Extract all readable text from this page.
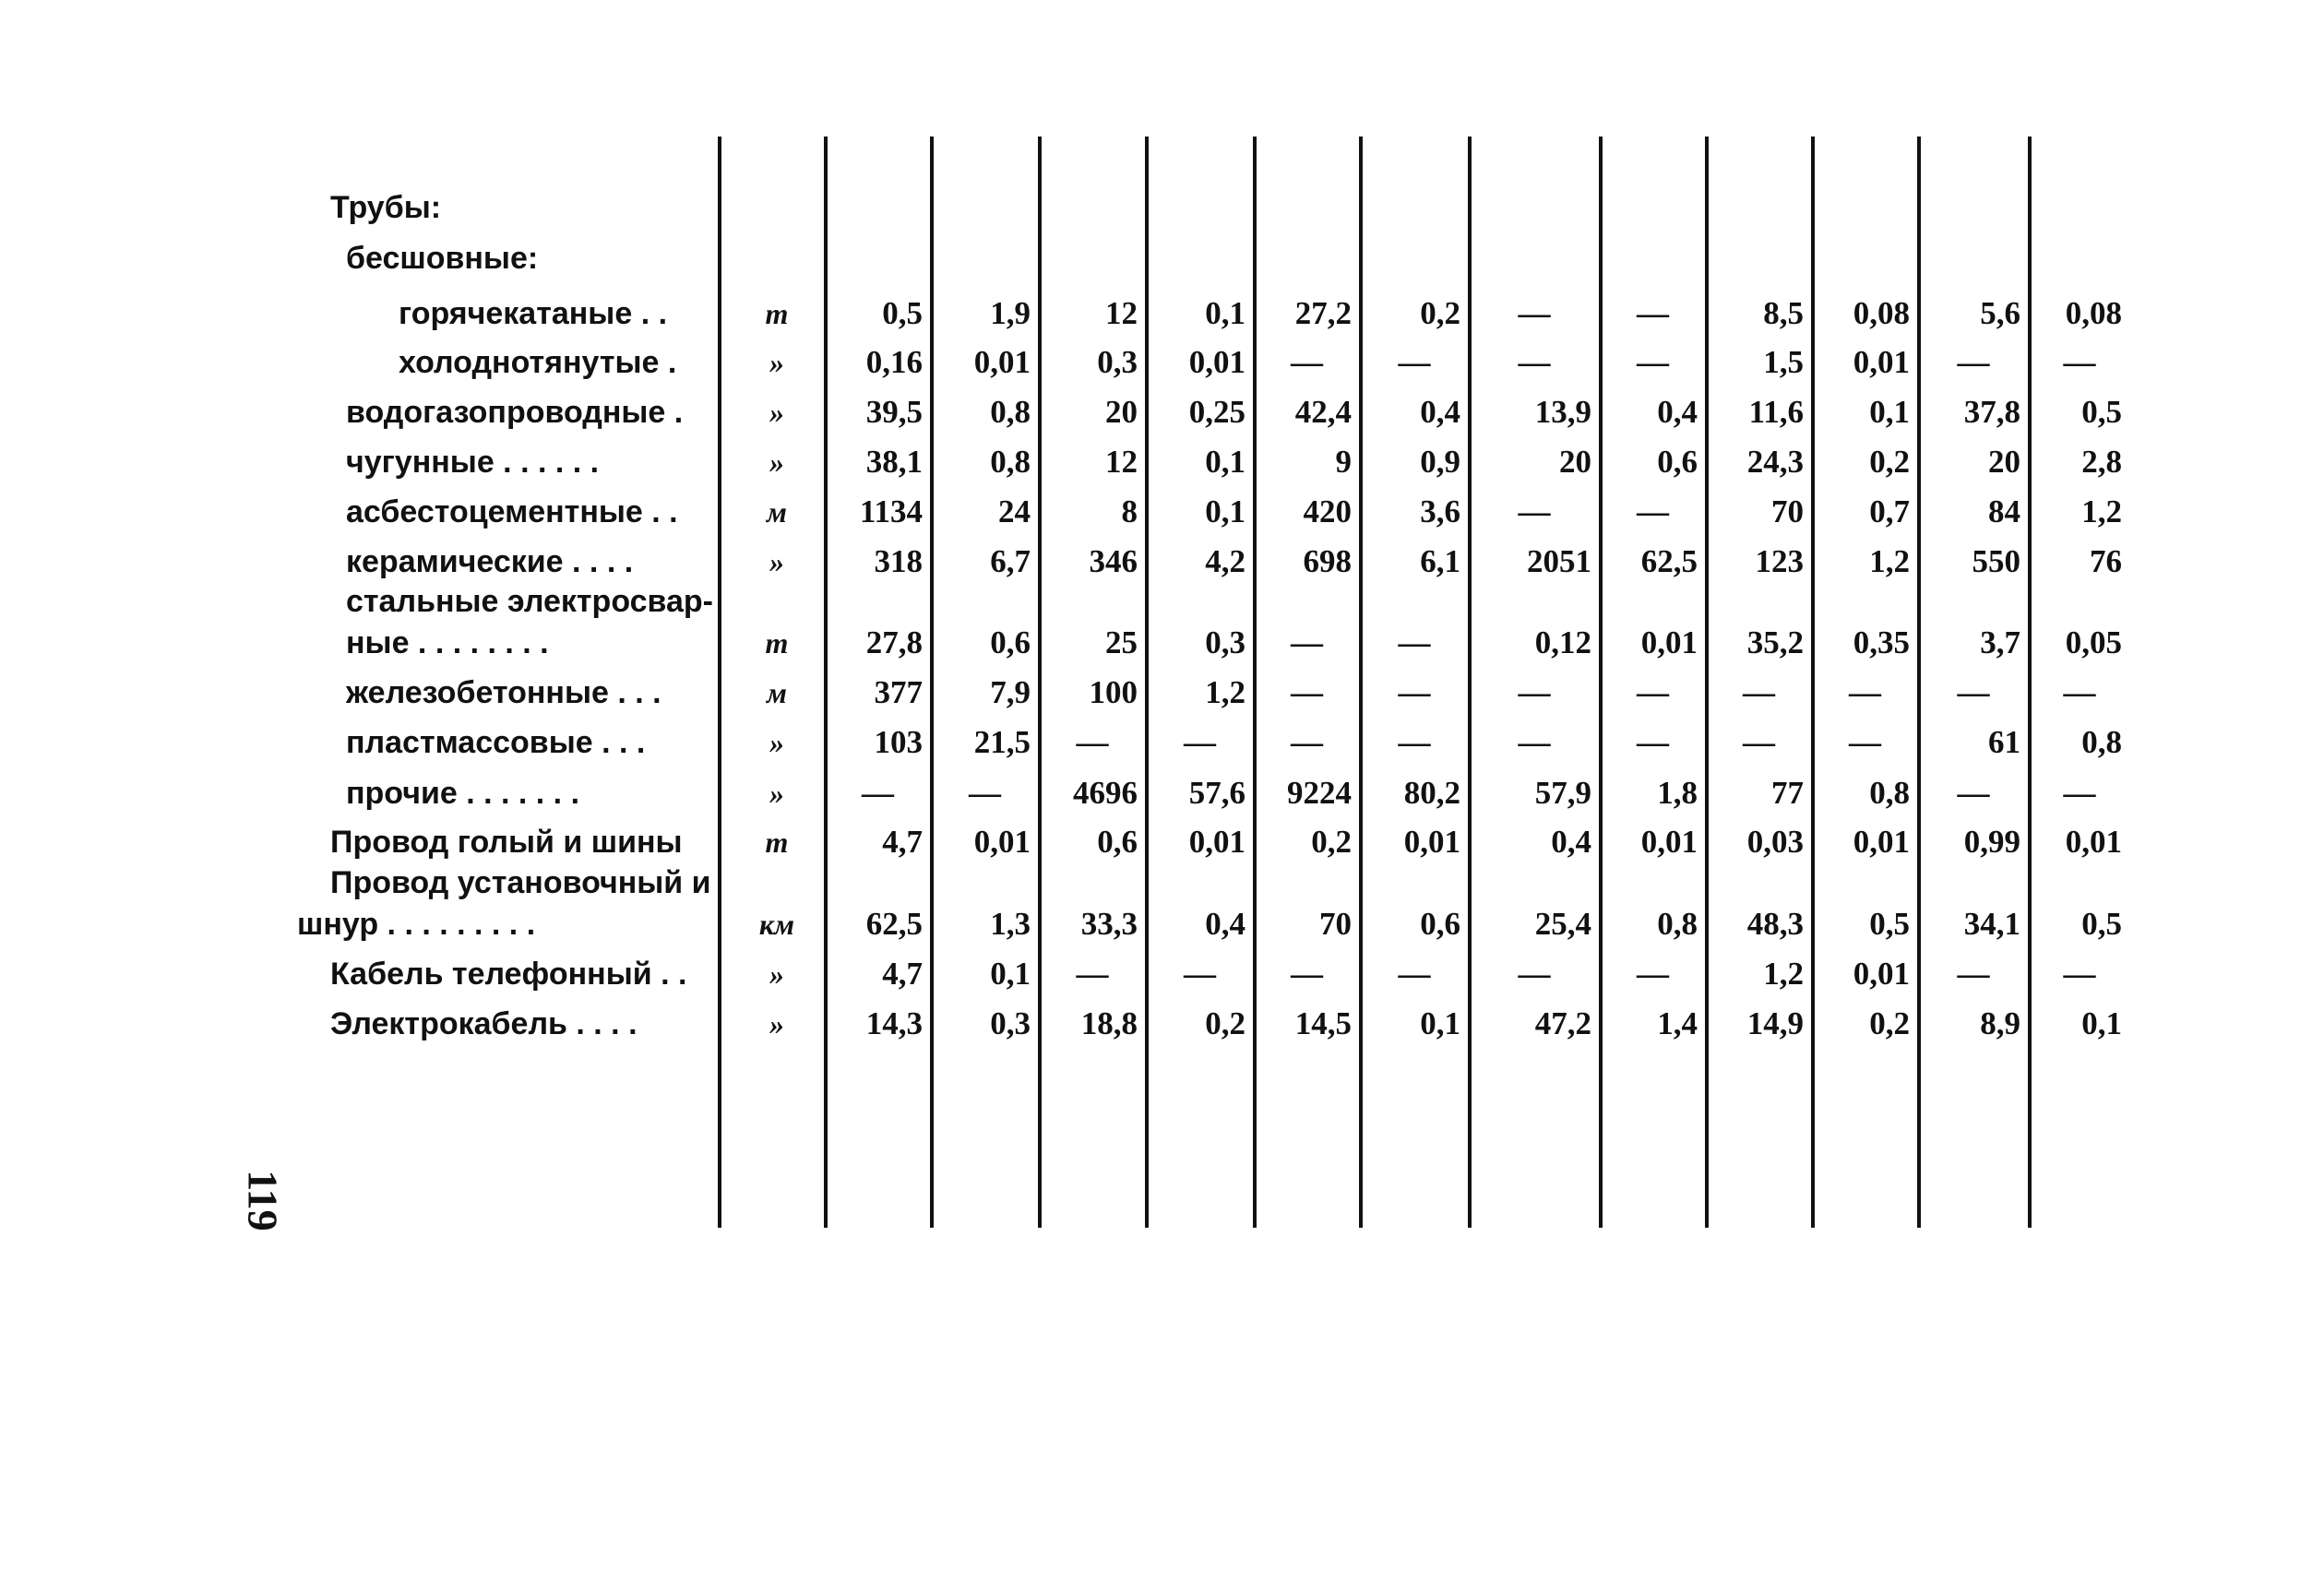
119
Трубы:
бесшовные:
горячекатаные . .	т	0,5	1,9	12	0,1	27,2	0,2	—	—	8,5	0,08	5,6	0,08
холоднотянутые .	»	0,16	0,01	0,3	0,01	—	—	—	—	1,5	0,01	—	—
водогазопроводные .	»	39,5	0,8	20	0,25	42,4	0,4	13,9	0,4	11,6	0,1	37,8	0,5
чугунные . . . . . .	»	38,1	0,8	12	0,1	9	0,9	20	0,6	24,3	0,2	20	2,8
асбестоцементные . .	м	1134	24	8	0,1	420	3,6	—	—	70	0,7	84	1,2
керамические . . . .	»	318	6,7	346	4,2	698	6,1	2051	62,5	123	1,2	550	76
стальные электросвар-
ные . . . . . . . .	т	27,8	0,6	25	0,3	—	—	0,12	0,01	35,2	0,35	3,7	0,05
железобетонные . . .	м	377	7,9	100	1,2	—	—	—	—	—	—	—	—
пластмассовые . . .	»	103	21,5	—	—	—	—	—	—	—	—	61	0,8
прочие . . . . . . .	»	—	—	4696	57,6	9224	80,2	57,9	1,8	77	0,8	—	—
Провод голый и шины	т	4,7	0,01	0,6	0,01	0,2	0,01	0,4	0,01	0,03	0,01	0,99	0,01
Провод установочный и
шнур . . . . . . . . .	км	62,5	1,3	33,3	0,4	70	0,6	25,4	0,8	48,3	0,5	34,1	0,5
Кабель телефонный . .	»	4,7	0,1	—	—	—	—	—	—	1,2	0,01	—	—
Электрокабель . . . .	»	14,3	0,3	18,8	0,2	14,5	0,1	47,2	1,4	14,9	0,2	8,9	0,1
